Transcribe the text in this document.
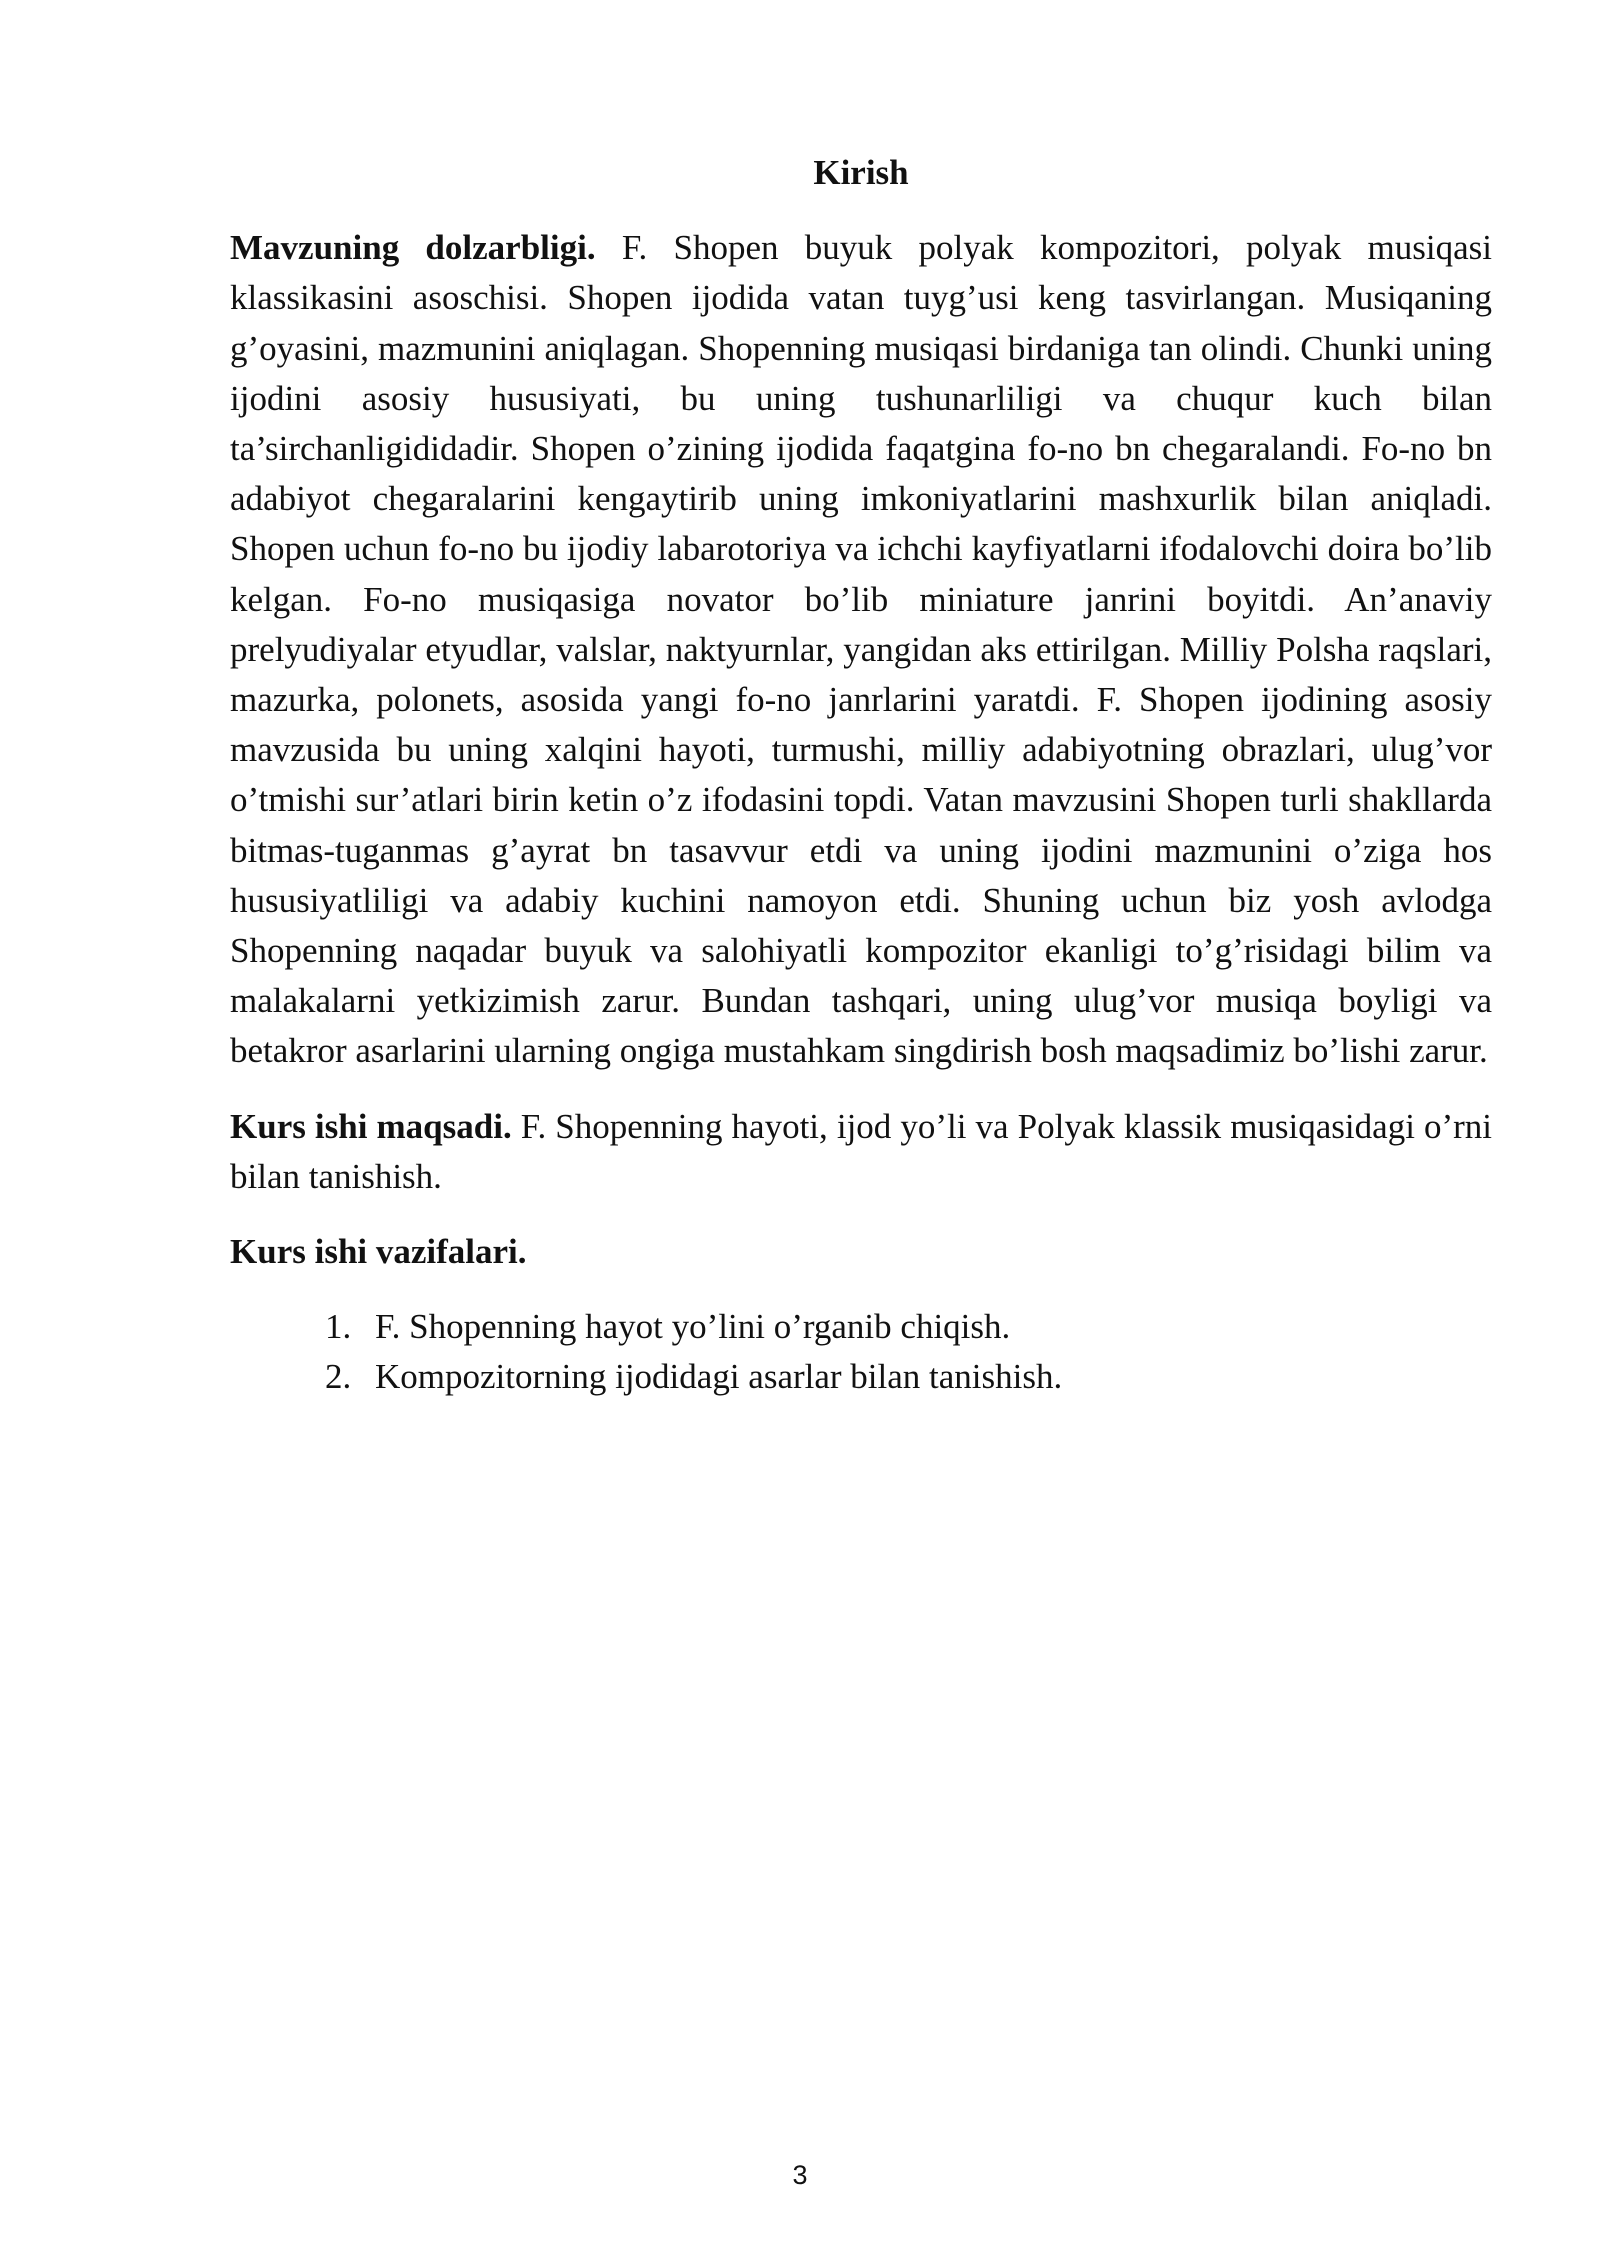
Kirish

Mavzuning dolzarbligi. F. Shopen buyuk polyak kompozitori, polyak musiqasi klassikasini asoschisi. Shopen ijodida vatan tuyg’usi keng tasvirlangan. Musiqaning g’oyasini, mazmunini aniqlagan. Shopenning musiqasi birdaniga tan olindi. Chunki uning ijodini asosiy hususiyati, bu uning tushunarliligi va chuqur kuch bilan ta’sirchanligididadir. Shopen o’zining ijodida faqatgina fo-no bn chegaralandi. Fo-no bn adabiyot chegaralarini kengaytirib uning imkoniyatlarini mashxurlik bilan aniqladi. Shopen uchun fo-no bu ijodiy labarotoriya va ichchi kayfiyatlarni ifodalovchi doira bo’lib kelgan. Fo-no musiqasiga novator bo’lib miniature janrini boyitdi. An’anaviy prelyudiyalar etyudlar, valslar, naktyurnlar, yangidan aks ettirilgan. Milliy Polsha raqslari, mazurka, polonets, asosida yangi fo-no janrlarini yaratdi. F. Shopen ijodining asosiy mavzusida bu uning xalqini hayoti, turmushi, milliy adabiyotning obrazlari, ulug’vor o’tmishi sur’atlari birin ketin o’z ifodasini topdi. Vatan mavzusini Shopen turli shakllarda bitmas-tuganmas g’ayrat bn tasavvur etdi va uning ijodini mazmunini o’ziga hos hususiyatliligi va adabiy kuchini namoyon etdi. Shuning uchun biz yosh avlodga Shopenning naqadar buyuk va salohiyatli kompozitor ekanligi to’g’risidagi bilim va malakalarni yetkizimish zarur. Bundan tashqari, uning ulug’vor musiqa boyligi va betakror asarlarini ularning ongiga mustahkam singdirish bosh maqsadimiz bo’lishi zarur.

Kurs ishi maqsadi. F. Shopenning hayoti, ijod yo’li va Polyak klassik musiqasidagi o’rni bilan tanishish.

Kurs ishi vazifalari.
1. F. Shopenning hayot yo’lini o’rganib chiqish.
2. Kompozitorning ijodidagi asarlar bilan tanishish.
3
